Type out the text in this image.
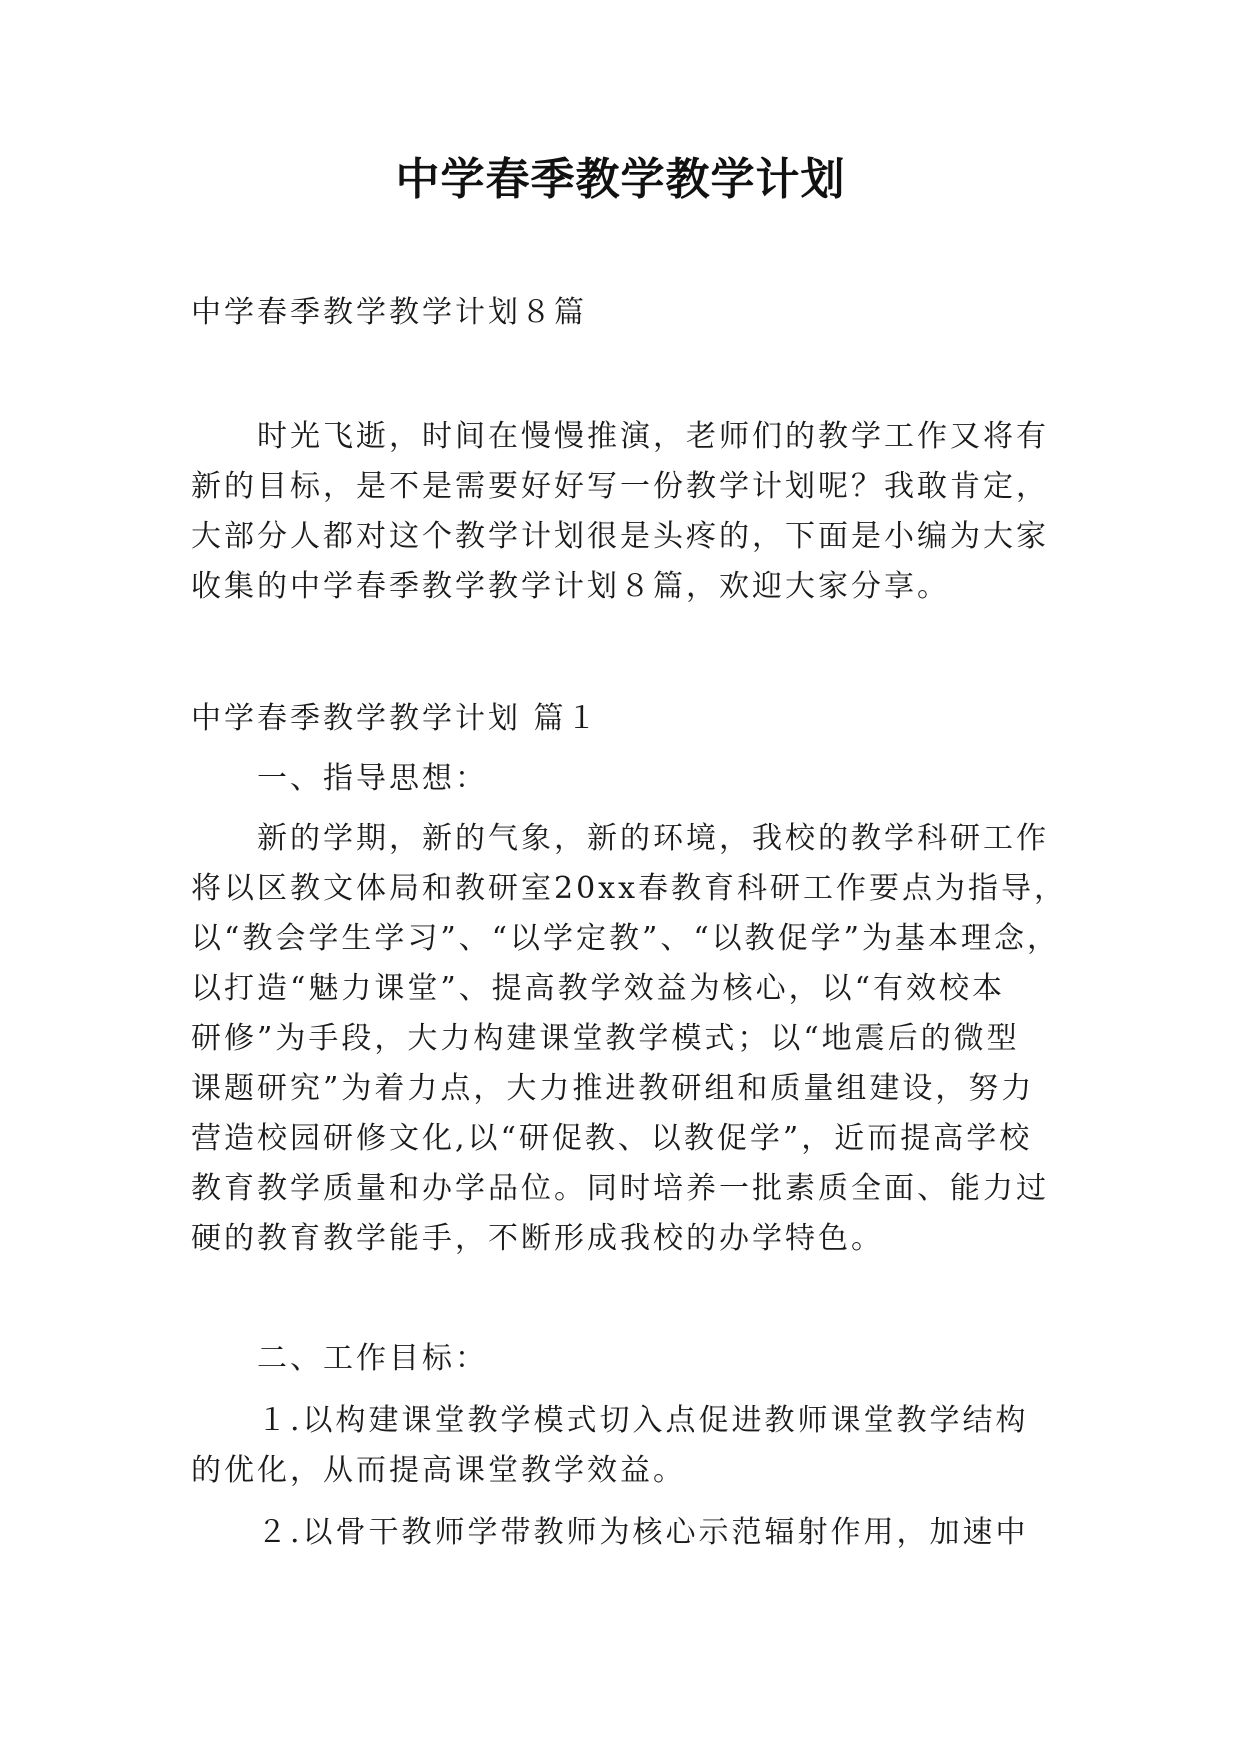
中学春季教学教学计划
中学春季教学教学计划８篇
　　时光飞逝，时间在慢慢推演，老师们的教学工作又将有
新的目标，是不是需要好好写一份教学计划呢？我敢肯定，
大部分人都对这个教学计划很是头疼的，下面是小编为大家
收集的中学春季教学教学计划８篇，欢迎大家分享。
中学春季教学教学计划 篇１
　　一、指导思想：
　　新的学期，新的气象，新的环境，我校的教学科研工作
将以区教文体局和教研室20xx春教育科研工作要点为指导，
以“教会学生学习”、“以学定教”、“以教促学”为基本理念，
以打造“魅力课堂”、提高教学效益为核心，以“有效校本
研修”为手段，大力构建课堂教学模式；以“地震后的微型
课题研究”为着力点，大力推进教研组和质量组建设，努力
营造校园研修文化,以“研促教、以教促学”，近而提高学校
教育教学质量和办学品位。同时培养一批素质全面、能力过
硬的教育教学能手，不断形成我校的办学特色。
　　二、工作目标：
　　１.以构建课堂教学模式切入点促进教师课堂教学结构
的优化，从而提高课堂教学效益。
　　２.以骨干教师学带教师为核心示范辐射作用，加速中
